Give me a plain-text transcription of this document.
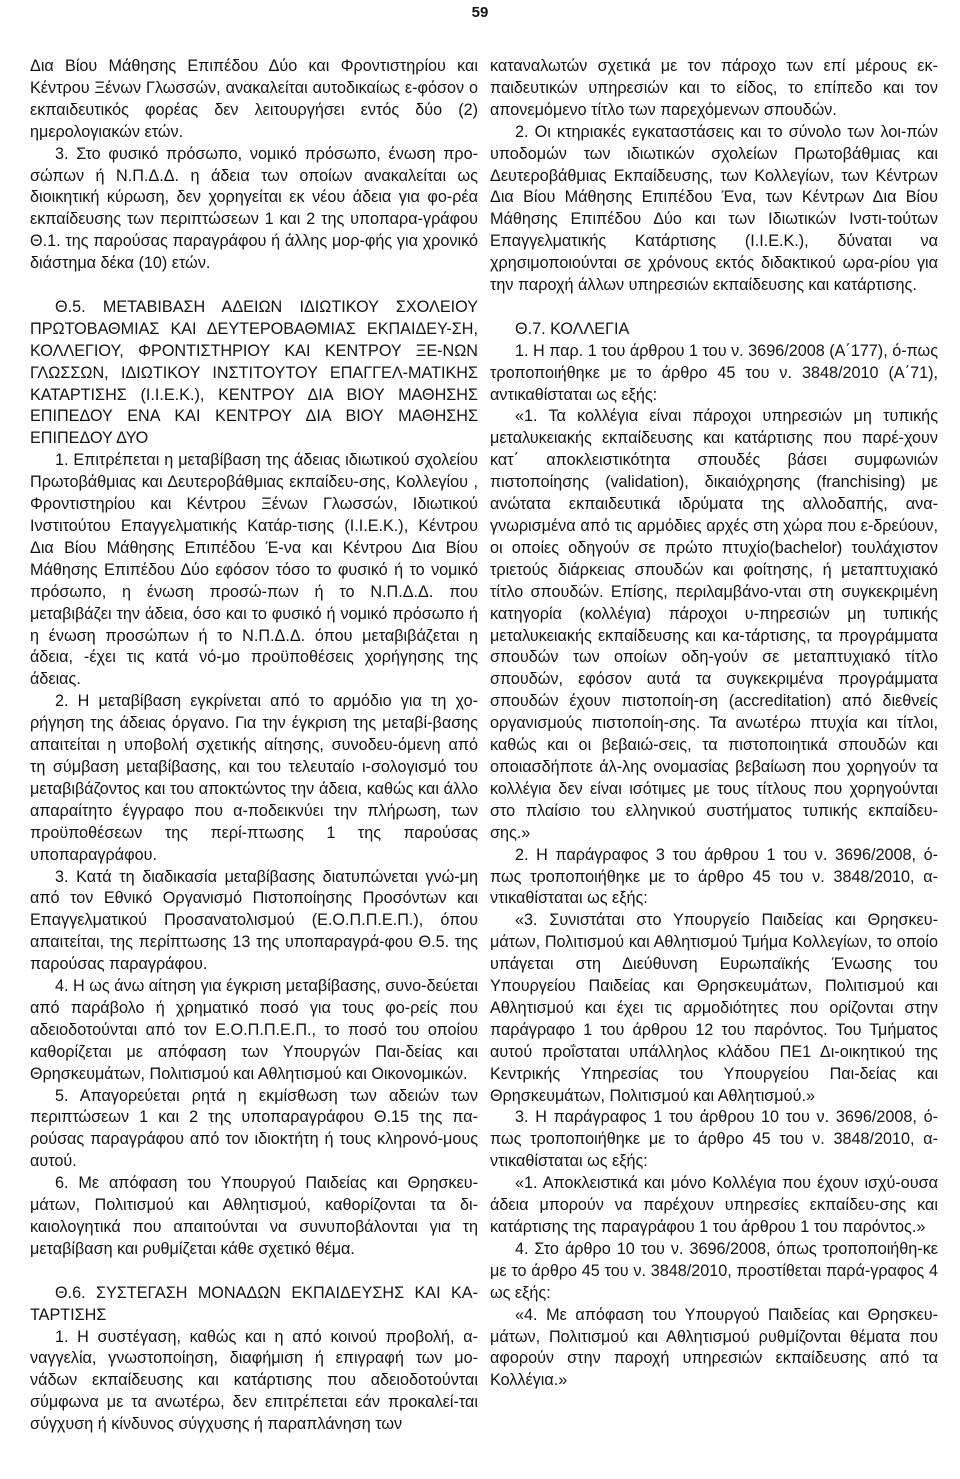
59

Δια Βίου Μάθησης Επιπέδου Δύο και Φροντιστηρίου και Κέντρου Ξένων Γλωσσών, ανακαλείται αυτοδικαίως ε-φόσον ο εκπαιδευτικός φορέας δεν λειτουργήσει εντός δύο (2) ημερολογιακών ετών.

3. Στο φυσικό πρόσωπο, νομικό πρόσωπο, ένωση προ-σώπων ή Ν.Π.Δ.Δ. η άδεια των οποίων ανακαλείται ως διοικητική κύρωση, δεν χορηγείται εκ νέου άδεια για φο-ρέα εκπαίδευσης των περιπτώσεων 1 και 2 της υποπαρα-γράφου Θ.1. της παρούσας παραγράφου ή άλλης μορ-φής για χρονικό διάστημα δέκα (10) ετών.

Θ.5. ΜΕΤΑΒΙΒΑΣΗ ΑΔΕΙΩΝ ΙΔΙΩΤΙΚΟΥ ΣΧΟΛΕΙΟΥ ΠΡΩΤΟΒΑΘΜΙΑΣ ΚΑΙ ΔΕΥΤΕΡΟΒΑΘΜΙΑΣ ΕΚΠΑΙΔΕΥ-ΣΗ, ΚΟΛΛΕΓΙΟΥ, ΦΡΟΝΤΙΣΤΗΡΙΟΥ ΚΑΙ ΚΕΝΤΡΟΥ ΞΕ-ΝΩΝ ΓΛΩΣΣΩΝ, ΙΔΙΩΤΙΚΟΥ ΙΝΣΤΙΤΟΥΤΟΥ ΕΠΑΓΓΕΛ-ΜΑΤΙΚΗΣ ΚΑΤΑΡΤΙΣΗΣ (Ι.Ι.Ε.Κ.), ΚΕΝΤΡΟΥ ΔΙΑ ΒΙΟΥ ΜΑΘΗΣΗΣ ΕΠΙΠΕΔΟΥ ΕΝΑ ΚΑΙ ΚΕΝΤΡΟΥ ΔΙΑ ΒΙΟΥ ΜΑΘΗΣΗΣ ΕΠΙΠΕΔΟΥ ΔΥΟ

1. Επιτρέπεται η μεταβίβαση της άδειας ιδιωτικού σχολείου Πρωτοβάθμιας και Δευτεροβάθμιας εκπαίδευ-σης, Κολλεγίου , Φροντιστηρίου και Κέντρου Ξένων Γλωσσών, Ιδιωτικού Ινστιτούτου Επαγγελματικής Κατάρ-τισης (Ι.Ι.Ε.Κ.), Κέντρου Δια Βίου Μάθησης Επιπέδου Έ-να και Κέντρου Δια Βίου Μάθησης Επιπέδου Δύο εφόσον τόσο το φυσικό ή το νομικό πρόσωπο, η ένωση προσώ-πων ή το Ν.Π.Δ.Δ. που μεταβιβάζει την άδεια, όσο και το φυσικό ή νομικό πρόσωπο ή η ένωση προσώπων ή το Ν.Π.Δ.Δ. όπου μεταβιβάζεται η άδεια, -έχει τις κατά νό-μο προϋποθέσεις χορήγησης της άδειας.

2. Η μεταβίβαση εγκρίνεται από το αρμόδιο για τη χο-ρήγηση της άδειας όργανο. Για την έγκριση της μεταβί-βασης απαιτείται η υποβολή σχετικής αίτησης, συνοδευ-όμενη από τη σύμβαση μεταβίβασης, και του τελευταίο ι-σολογισμό του μεταβιβάζοντος και του αποκτώντος την άδεια, καθώς και άλλο απαραίτητο έγγραφο που α-ποδεικνύει την πλήρωση, των προϋποθέσεων της περί-πτωσης 1 της παρούσας υποπαραγράφου.

3. Κατά τη διαδικασία μεταβίβασης διατυπώνεται γνώ-μη από τον Εθνικό Οργανισμό Πιστοποίησης Προσόντων και Επαγγελματικού Προσανατολισμού (Ε.Ο.Π.Π.Ε.Π.), όπου απαιτείται, της περίπτωσης 13 της υποπαραγρά-φου Θ.5. της παρούσας παραγράφου.

4. Η ως άνω αίτηση για έγκριση μεταβίβασης, συνο-δεύεται από παράβολο ή χρηματικό ποσό για τους φο-ρείς που αδειοδοτούνται από τον Ε.Ο.Π.Π.Ε.Π., το ποσό του οποίου καθορίζεται με απόφαση των Υπουργών Παι-δείας και Θρησκευμάτων, Πολιτισμού και Αθλητισμού και Οικονομικών.

5. Απαγορεύεται ρητά η εκμίσθωση των αδειών των περιπτώσεων 1 και 2 της υποπαραγράφου Θ.15 της πα-ρούσας παραγράφου από τον ιδιοκτήτη ή τους κληρονό-μους αυτού.

6. Με απόφαση του Υπουργού Παιδείας και Θρησκευ-μάτων, Πολιτισμού και Αθλητισμού, καθορίζονται τα δι-καιολογητικά που απαιτούνται να συνυποβάλονται για τη μεταβίβαση και ρυθμίζεται κάθε σχετικό θέμα.

Θ.6. ΣΥΣΤΕΓΑΣΗ ΜΟΝΑΔΩΝ ΕΚΠΑΙΔΕΥΣΗΣ ΚΑΙ ΚΑ-ΤΑΡΤΙΣΗΣ

1. Η συστέγαση, καθώς και η από κοινού προβολή, α-ναγγελία, γνωστοποίηση, διαφήμιση ή επιγραφή των μο-νάδων εκπαίδευσης και κατάρτισης που αδειοδοτούνται σύμφωνα με τα ανωτέρω, δεν επιτρέπεται εάν προκαλεί-ται σύγχυση ή κίνδυνος σύγχυσης ή παραπλάνηση των

καταναλωτών σχετικά με τον πάροχο των επί μέρους εκ-παιδευτικών υπηρεσιών και το είδος, το επίπεδο και τον απονεμόμενο τίτλο των παρεχόμενων σπουδών.

2. Οι κτηριακές εγκαταστάσεις και το σύνολο των λοι-πών υποδομών των ιδιωτικών σχολείων Πρωτοβάθμιας και Δευτεροβάθμιας Εκπαίδευσης, των Κολλεγίων, των Κέντρων Δια Βίου Μάθησης Επιπέδου Ένα, των Κέντρων Δια Βίου Μάθησης Επιπέδου Δύο και των Ιδιωτικών Ινστι-τούτων Επαγγελματικής Κατάρτισης (Ι.Ι.Ε.Κ.), δύναται να χρησιμοποιούνται σε χρόνους εκτός διδακτικού ωρα-ρίου για την παροχή άλλων υπηρεσιών εκπαίδευσης και κατάρτισης.

Θ.7. ΚΟΛΛΕΓΙΑ

1. Η παρ. 1 του άρθρου 1 του ν. 3696/2008 (Α΄177), ό-πως τροποποιήθηκε με το άρθρο 45 του ν. 3848/2010 (Α΄71), αντικαθίσταται ως εξής:

«1. Τα κολλέγια είναι πάροχοι υπηρεσιών μη τυπικής μεταλυκειακής εκπαίδευσης και κατάρτισης που παρέ-χουν κατ΄ αποκλειστικότητα σπουδές βάσει συμφωνιών πιστοποίησης (validation), δικαιόχρησης (franchising) με ανώτατα εκπαιδευτικά ιδρύματα της αλλοδαπής, ανα-γνωρισμένα από τις αρμόδιες αρχές στη χώρα που ε-δρεύουν, οι οποίες οδηγούν σε πρώτο πτυχίο(bachelor) τουλάχιστον τριετούς διάρκειας σπουδών και φοίτησης, ή μεταπτυχιακό τίτλο σπουδών. Επίσης, περιλαμβάνο-νται στη συγκεκριμένη κατηγορία (κολλέγια) πάροχοι υ-πηρεσιών μη τυπικής μεταλυκειακής εκπαίδευσης και κα-τάρτισης, τα προγράμματα σπουδών των οποίων οδη-γούν σε μεταπτυχιακό τίτλο σπουδών, εφόσον αυτά τα συγκεκριμένα προγράμματα σπουδών έχουν πιστοποίη-ση (accreditation) από διεθνείς οργανισμούς πιστοποίη-σης. Τα ανωτέρω πτυχία και τίτλοι, καθώς και οι βεβαιώ-σεις, τα πιστοποιητικά σπουδών και οποιασδήποτε άλ-λης ονομασίας βεβαίωση που χορηγούν τα κολλέγια δεν είναι ισότιμες με τους τίτλους που χορηγούνται στο πλαίσιο του ελληνικού συστήματος τυπικής εκπαίδευ-σης.»

2. Η παράγραφος 3 του άρθρου 1 του ν. 3696/2008, ό-πως τροποποιήθηκε με το άρθρο 45 του ν. 3848/2010, α-ντικαθίσταται ως εξής:

«3. Συνιστάται στο Υπουργείο Παιδείας και Θρησκευ-μάτων, Πολιτισμού και Αθλητισμού Τμήμα Κολλεγίων, το οποίο υπάγεται στη Διεύθυνση Ευρωπαϊκής Ένωσης του Υπουργείου Παιδείας και Θρησκευμάτων, Πολιτισμού και Αθλητισμού και έχει τις αρμοδιότητες που ορίζονται στην παράγραφο 1 του άρθρου 12 του παρόντος. Του Τμήματος αυτού προΐσταται υπάλληλος κλάδου ΠΕ1 Δι-οικητικού της Κεντρικής Υπηρεσίας του Υπουργείου Παι-δείας και Θρησκευμάτων, Πολιτισμού και Αθλητισμού.»

3. Η παράγραφος 1 του άρθρου 10 του ν. 3696/2008, ό-πως τροποποιήθηκε με το άρθρο 45 του ν. 3848/2010, α-ντικαθίσταται ως εξής:

«1. Αποκλειστικά και μόνο Κολλέγια που έχουν ισχύ-ουσα άδεια μπορούν να παρέχουν υπηρεσίες εκπαίδευ-σης και κατάρτισης της παραγράφου 1 του άρθρου 1 του παρόντος.»

4. Στο άρθρο 10 του ν. 3696/2008, όπως τροποποιήθη-κε με το άρθρο 45 του ν. 3848/2010, προστίθεται παρά-γραφος 4 ως εξής:

«4. Με απόφαση του Υπουργού Παιδείας και Θρησκευ-μάτων, Πολιτισμού και Αθλητισμού ρυθμίζονται θέματα που αφορούν στην παροχή υπηρεσιών εκπαίδευσης από τα Κολλέγια.»
